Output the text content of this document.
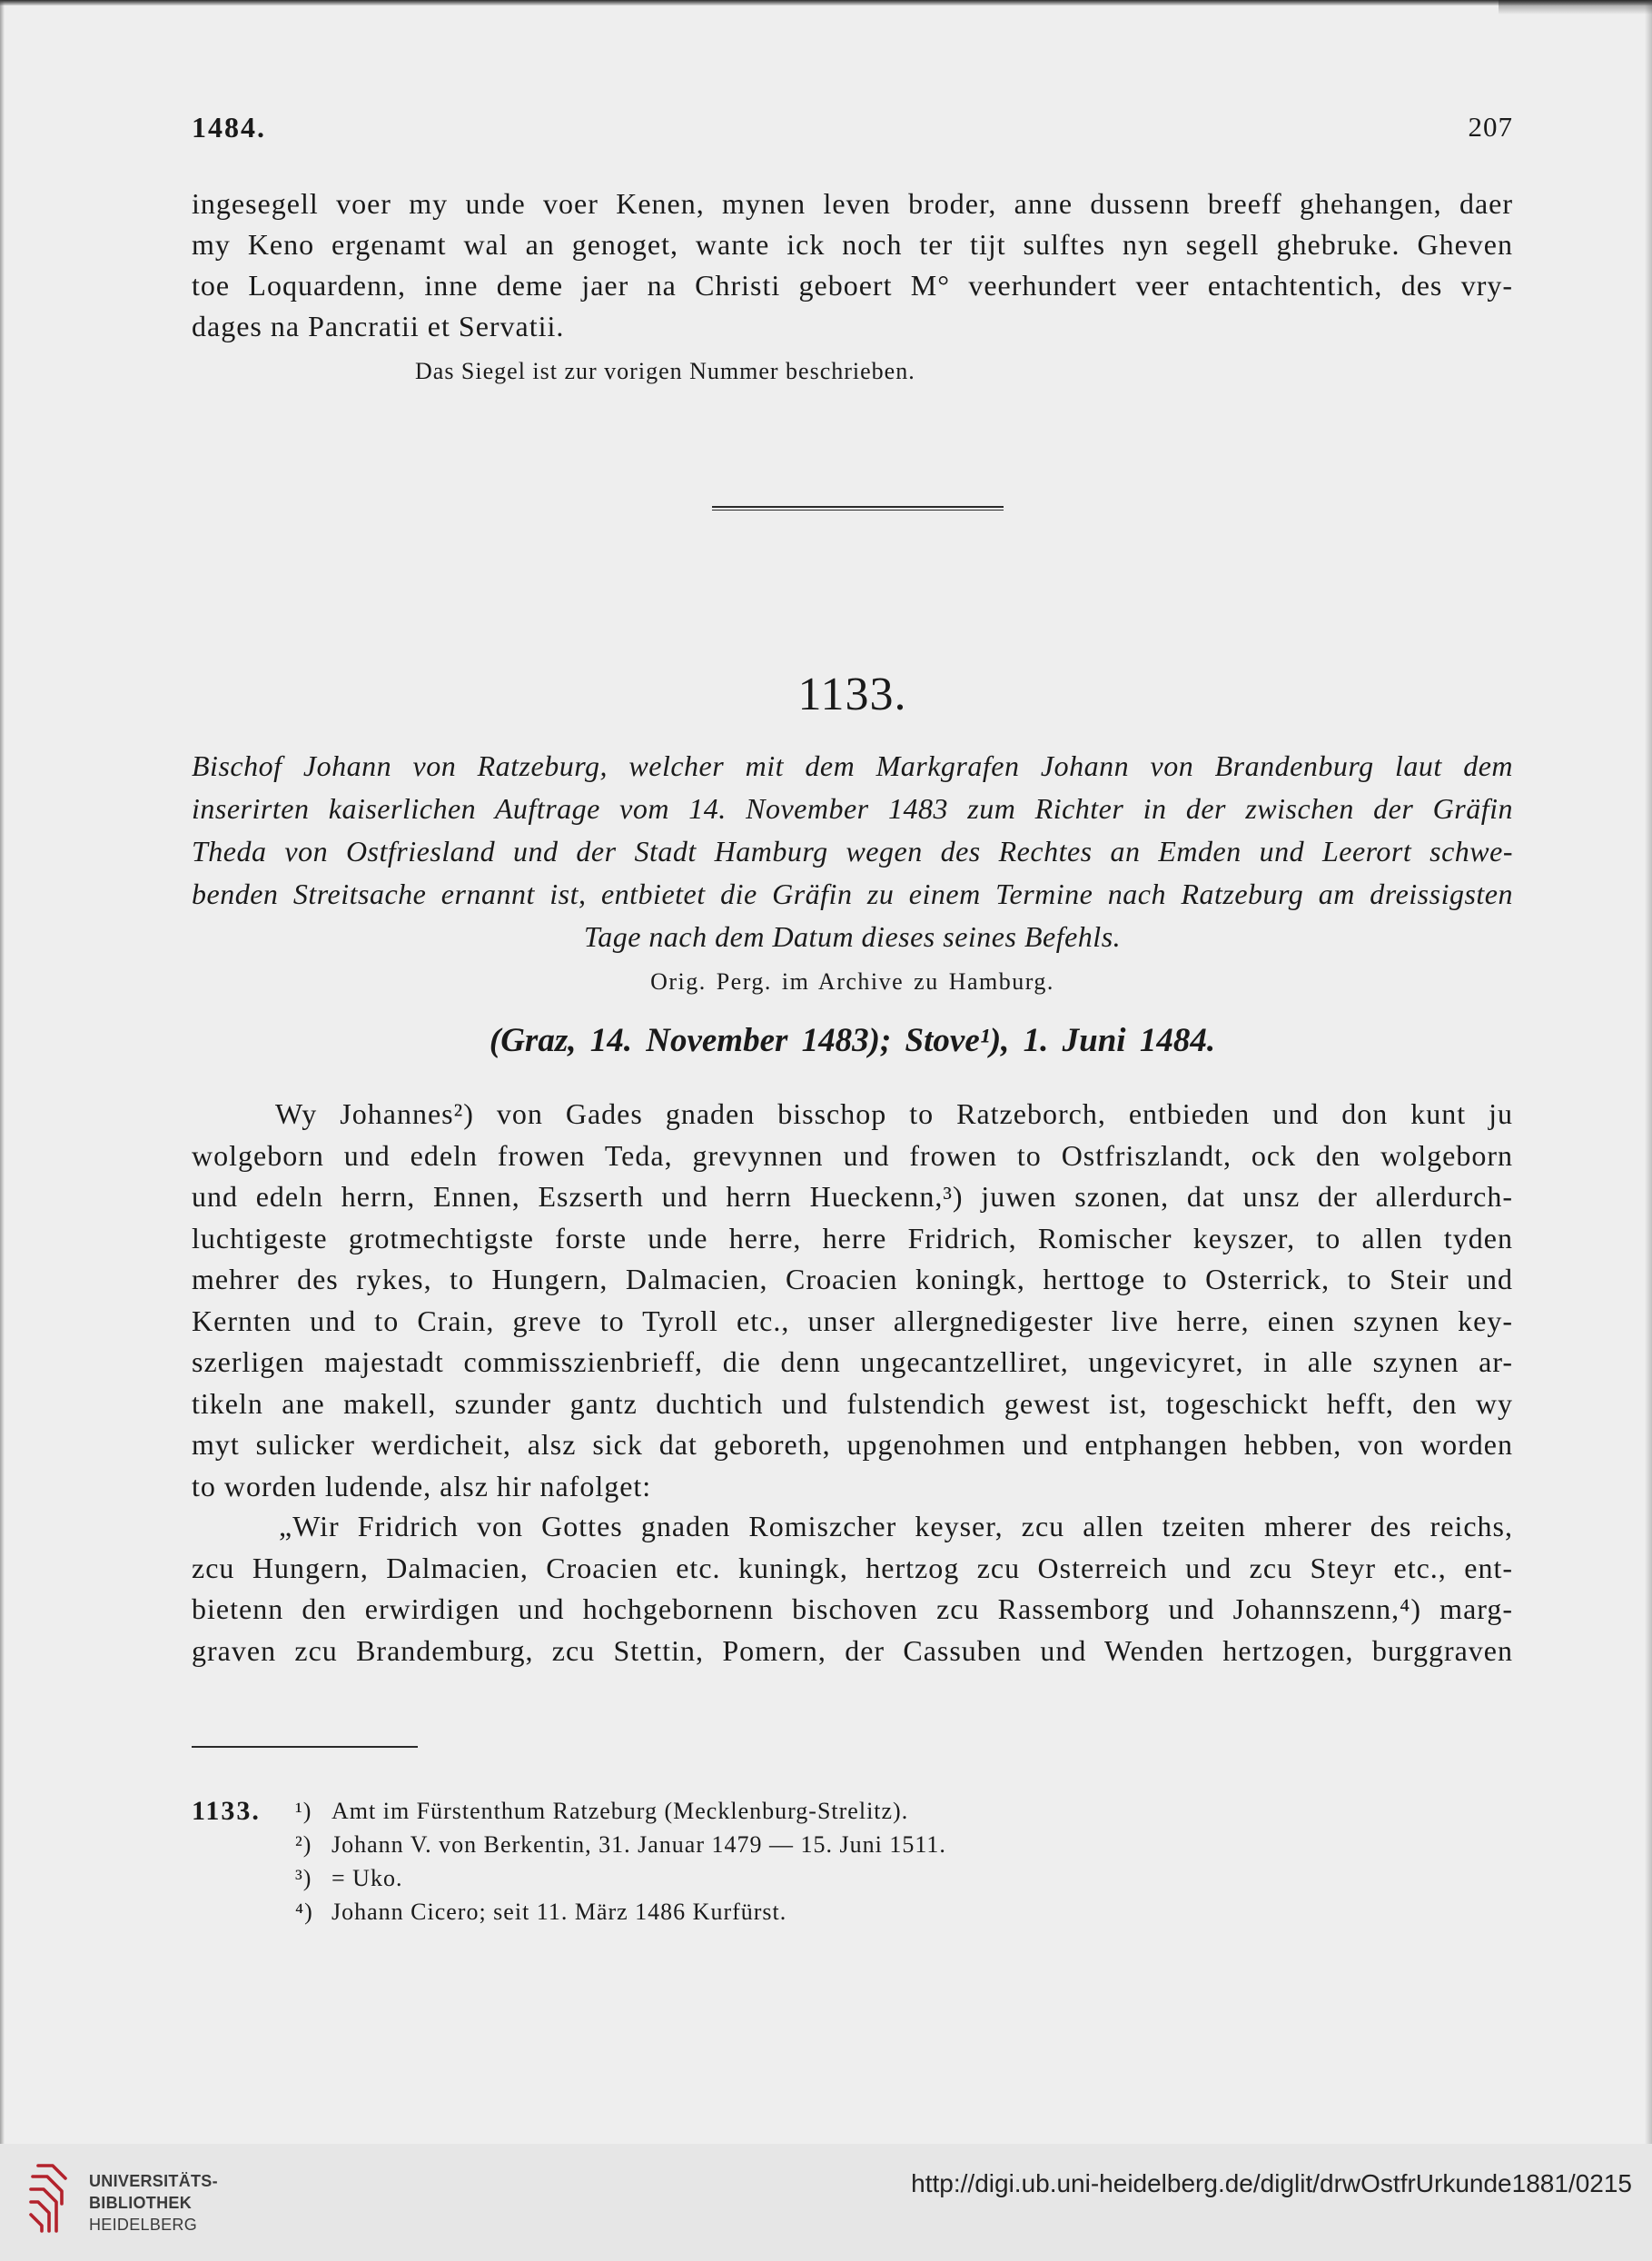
1484.	207
ingesegell voer my unde voer Kenen, mynen leven broder, anne dussenn breeff ghehangen, daer
my Keno ergenamt wal an genoget, wante ick noch ter tijt sulftes nyn segell ghebruke. Gheven
toe Loquardenn, inne deme jaer na Christi geboert M° veerhundert veer entachtentich, des vry-
dages na Pancratii et Servatii.
Das Siegel ist zur vorigen Nummer beschrieben.
1133.
Bischof Johann von Ratzeburg, welcher mit dem Markgrafen Johann von Brandenburg laut dem
inserirten kaiserlichen Auftrage vom 14. November 1483 zum Richter in der zwischen der Gräfin
Theda von Ostfriesland und der Stadt Hamburg wegen des Rechtes an Emden und Leerort schwe-
benden Streitsache ernannt ist, entbietet die Gräfin zu einem Termine nach Ratzeburg am dreissigsten
Tage nach dem Datum dieses seines Befehls.
Orig. Perg. im Archive zu Hamburg.
(Graz, 14. November 1483); Stove¹), 1. Juni 1484.
Wy Johannes²) von Gades gnaden bisschop to Ratzeborch, entbieden und don kunt ju
wolgeborn und edeln frowen Teda, grevynnen und frowen to Ostfriszlandt, ock den wolgeborn
und edeln herrn, Ennen, Eszserth und herrn Hueckenn,³) juwen szonen, dat unsz der allerdurch-
luchtigeste grotmechtigste forste unde herre, herre Fridrich, Romischer keyszer, to allen tyden
mehrer des rykes, to Hungern, Dalmacien, Croacien koningk, herttoge to Osterrick, to Steir und
Kernten und to Crain, greve to Tyroll etc., unser allergnedigester live herre, einen szynen key-
szerligen majestadt commisszienbrieff, die denn ungecantzelliret, ungevicyret, in alle szynen ar-
tikeln ane makell, szunder gantz duchtich und fulstendich gewest ist, togeschickt hefft, den wy
myt sulicker werdicheit, alsz sick dat geboreth, upgenohmen und entphangen hebben, von worden
to worden ludende, alsz hir nafolget:
„Wir Fridrich von Gottes gnaden Romiszcher keyser, zcu allen tzeiten mherer des reichs,
zcu Hungern, Dalmacien, Croacien etc. kuningk, hertzog zcu Osterreich und zcu Steyr etc., ent-
bietenn den erwirdigen und hochgebornenn bischoven zcu Rassemborg und Johannszenn,⁴) marg-
graven zcu Brandemburg, zcu Stettin, Pomern, der Cassuben und Wenden hertzogen, burggraven
1133. ¹) Amt im Fürstenthum Ratzeburg (Mecklenburg-Strelitz).
²) Johann V. von Berkentin, 31. Januar 1479 — 15. Juni 1511.
³) = Uko.
⁴) Johann Cicero; seit 11. März 1486 Kurfürst.
UNIVERSITÄTS-
BIBLIOTHEK
HEIDELBERG
http://digi.ub.uni-heidelberg.de/diglit/drwOstfrUrkunde1881/0215
